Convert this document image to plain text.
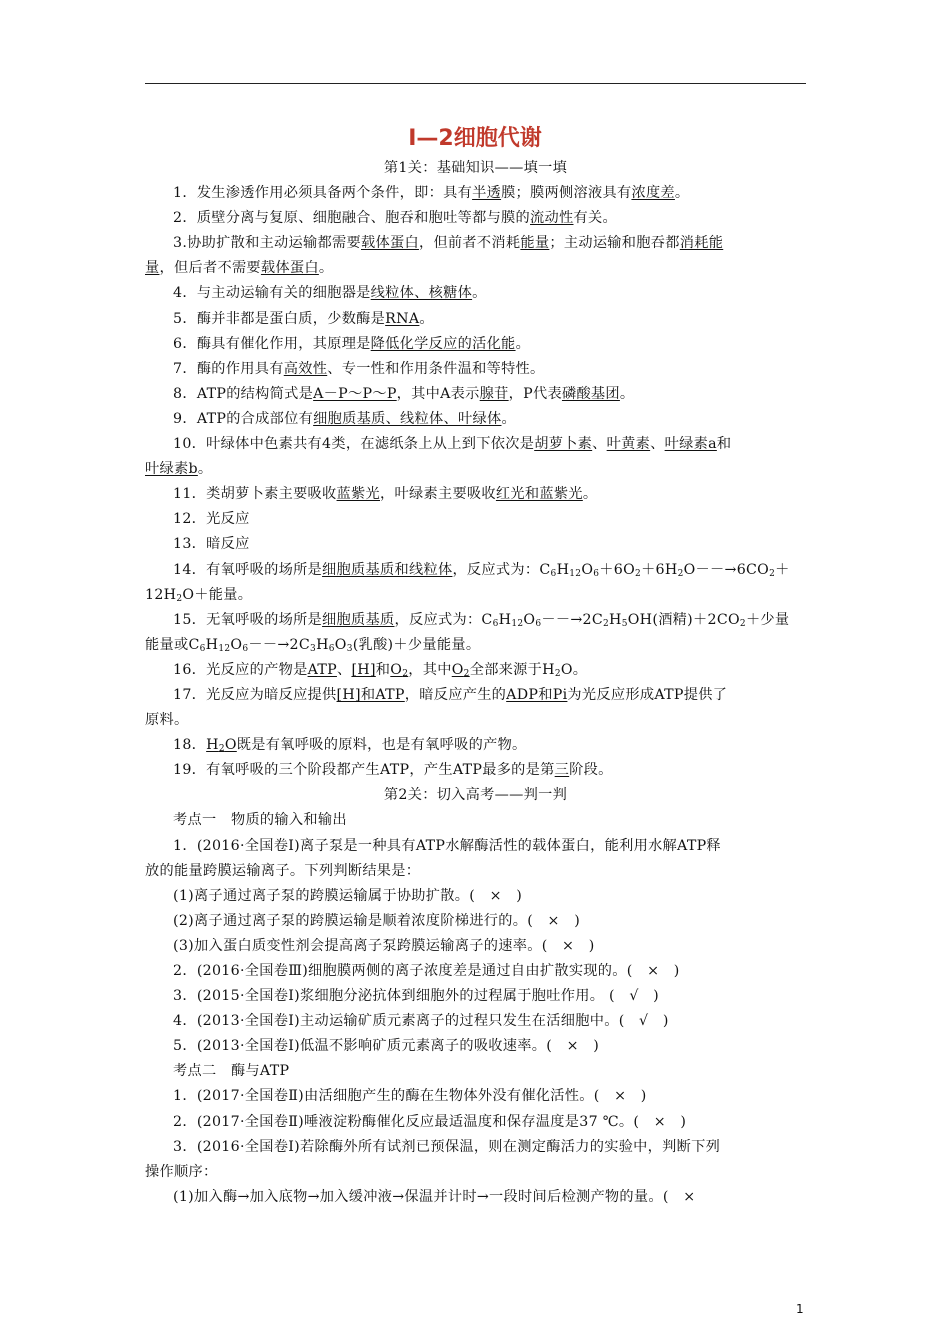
Ⅰ—2细胞代谢

第1关：基础知识——填一填

1．发生渗透作用必须具备两个条件，即：具有半透膜；膜两侧溶液具有浓度差。

2．质壁分离与复原、细胞融合、胞吞和胞吐等都与膜的流动性有关。

3.协助扩散和主动运输都需要载体蛋白，但前者不消耗能量；主动运输和胞吞都消耗能
量，但后者不需要载体蛋白。

4．与主动运输有关的细胞器是线粒体、核糖体。

5．酶并非都是蛋白质，少数酶是RNA。

6．酶具有催化作用，其原理是降低化学反应的活化能。

7．酶的作用具有高效性、专一性和作用条件温和等特性。

8．ATP的结构简式是A－P～P～P，其中A表示腺苷，P代表磷酸基团。

9．ATP的合成部位有细胞质基质、线粒体、叶绿体。

10．叶绿体中色素共有4类，在滤纸条上从上到下依次是胡萝卜素、叶黄素、叶绿素a和
叶绿素b。

11．类胡萝卜素主要吸收蓝紫光，叶绿素主要吸收红光和蓝紫光。

12．光反应

13．暗反应

14．有氧呼吸的场所是细胞质基质和线粒体，反应式为：$C_6H_{12}O_6+6O_2+6H_2O--\to 6CO_2+$
$12H_2O+$能量。

15．无氧呼吸的场所是细胞质基质，反应式为：$C_6H_{12}O_6--\to 2C_2H_5OH$(酒精)$+2CO_2+$少量
能量或$C_6H_{12}O_6--\to 2C_3H_6O_3$(乳酸)＋少量能量。

16．光反应的产物是ATP、[H]和$O_2$，其中$O_2$全部来源于$H_2O$。

17．光反应为暗反应提供[H]和ATP，暗反应产生的ADP和Pi为光反应形成ATP提供了
原料。

18．$H_2O$既是有氧呼吸的原料，也是有氧呼吸的产物。

19．有氧呼吸的三个阶段都产生ATP，产生ATP最多的是第三阶段。

第2关：切入高考——判一判

考点一　物质的输入和输出

1．(2016·全国卷Ⅰ)离子泵是一种具有ATP水解酶活性的载体蛋白，能利用水解ATP释
放的能量跨膜运输离子。下列判断结果是：

(1)离子通过离子泵的跨膜运输属于协助扩散。(　×　)

(2)离子通过离子泵的跨膜运输是顺着浓度阶梯进行的。(　×　)

(3)加入蛋白质变性剂会提高离子泵跨膜运输离子的速率。(　×　)

2．(2016·全国卷Ⅲ)细胞膜两侧的离子浓度差是通过自由扩散实现的。(　×　)

3．(2015·全国卷Ⅰ)浆细胞分泌抗体到细胞外的过程属于胞吐作用。 (　√　)

4．(2013·全国卷Ⅰ)主动运输矿质元素离子的过程只发生在活细胞中。(　√　)

5．(2013·全国卷Ⅰ)低温不影响矿质元素离子的吸收速率。(　×　)

考点二　酶与ATP

1．(2017·全国卷Ⅱ)由活细胞产生的酶在生物体外没有催化活性。(　×　)

2．(2017·全国卷Ⅱ)唾液淀粉酶催化反应最适温度和保存温度是37 ℃。(　×　)

3．(2016·全国卷Ⅰ)若除酶外所有试剂已预保温，则在测定酶活力的实验中，判断下列
操作顺序：

(1)加入酶→加入底物→加入缓冲液→保温并计时→一段时间后检测产物的量。(　×

1
